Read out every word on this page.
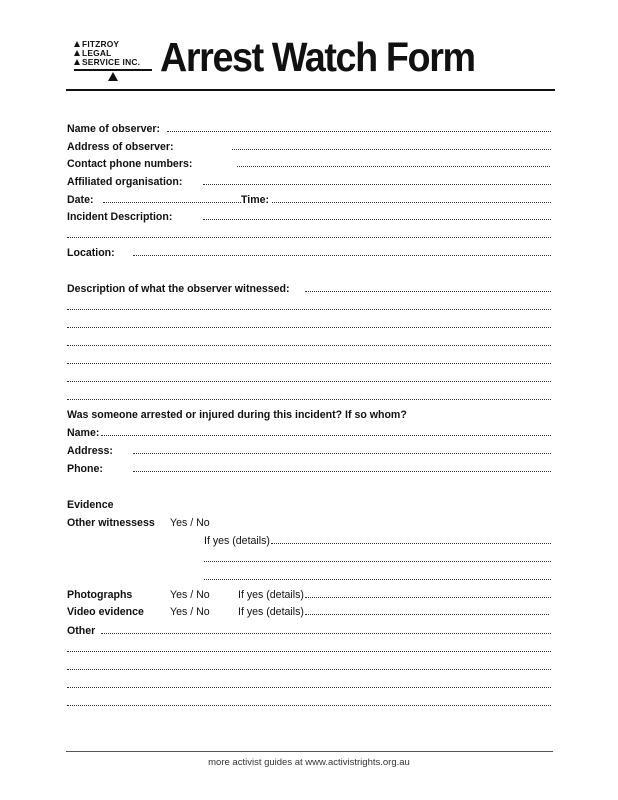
FITZROY
LEGAL
SERVICE INC. Arrest Watch Form
Name of observer:
Address of observer:
Contact phone numbers:
Affiliated organisation:
Date:	Time:
Incident Description:
Location:
Description of what the observer witnessed:
Was someone arrested or injured during this incident? If so whom?
Name:
Address:
Phone:
Evidence
Other witnessess Yes / No
If yes (details)
Photographs	Yes / No	If yes (details)
Video evidence Yes / No	If yes (details)
Other
more activist guides at www.activistrights.org.au
